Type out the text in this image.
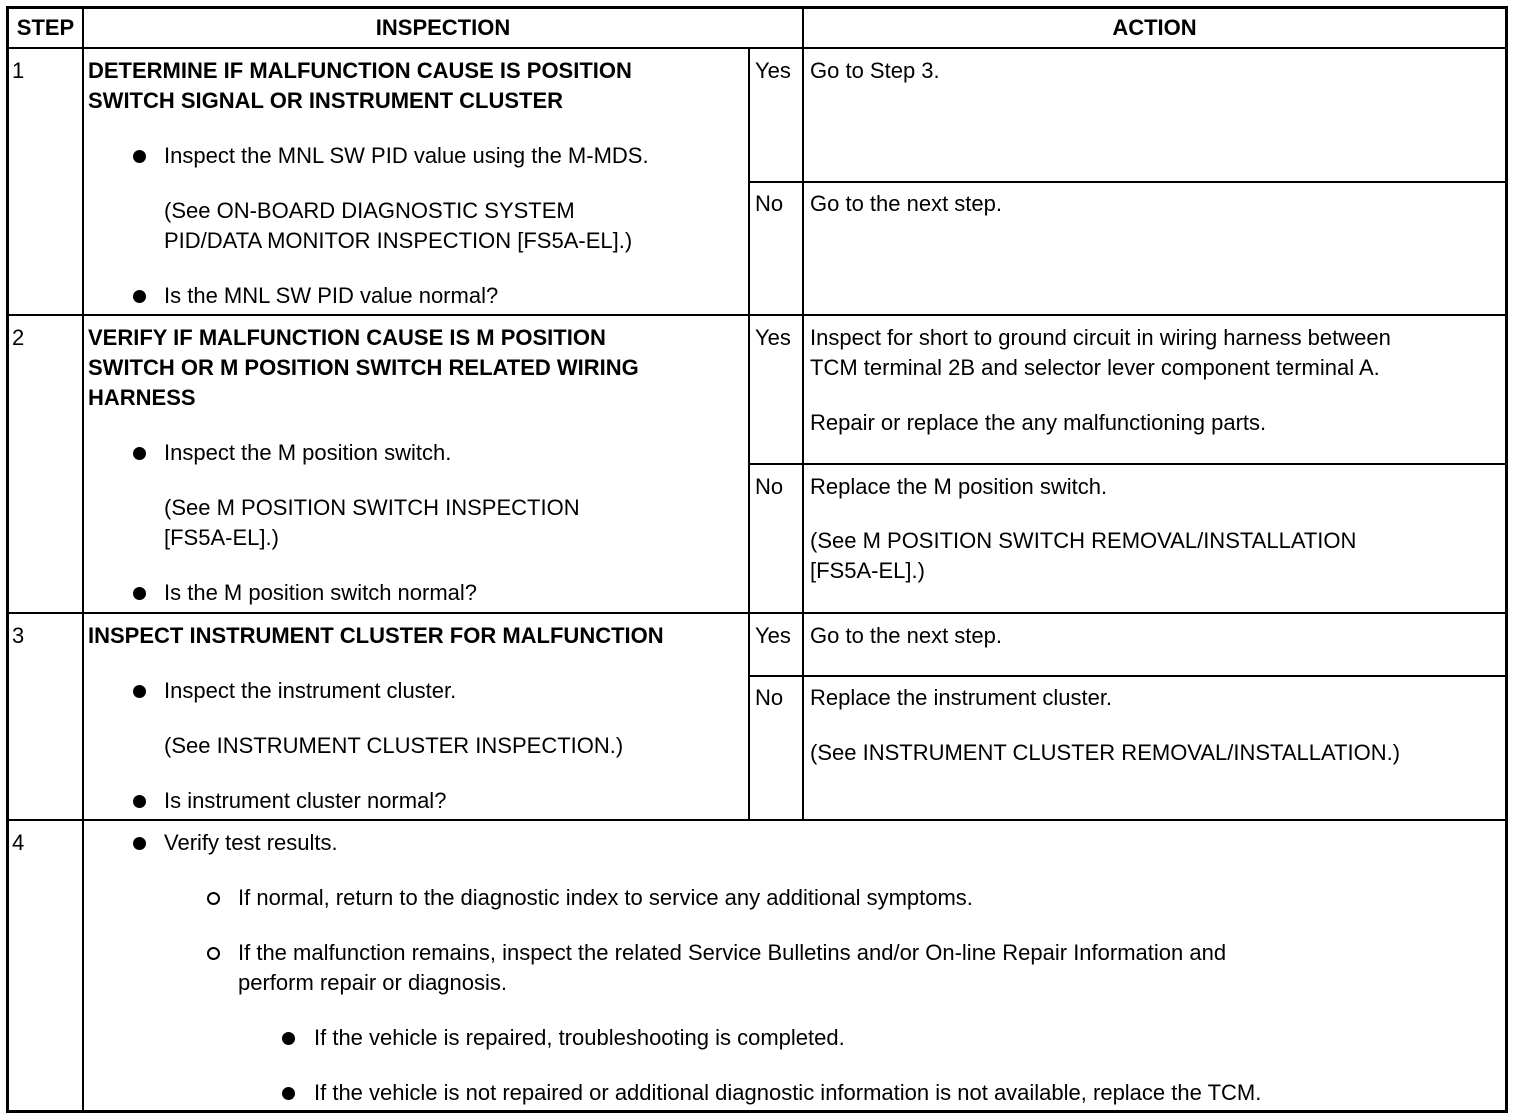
STEP	INSPECTION	ACTION
1	DETERMINE IF MALFUNCTION CAUSE IS POSITION
SWITCH SIGNAL OR INSTRUMENT CLUSTER
Inspect the MNL SW PID value using the M-MDS.
(See ON-BOARD DIAGNOSTIC SYSTEM
PID/DATA MONITOR INSPECTION [FS5A-EL].)
Is the MNL SW PID value normal?
Yes Go to Step 3.
No Go to the next step.
2	VERIFY IF MALFUNCTION CAUSE IS M POSITION
SWITCH OR M POSITION SWITCH RELATED WIRING
HARNESS
Inspect the M position switch.
(See M POSITION SWITCH INSPECTION
[FS5A-EL].)
Is the M position switch normal?
Yes Inspect for short to ground circuit in wiring harness between
TCM terminal 2B and selector lever component terminal A.
Repair or replace the any malfunctioning parts.
No Replace the M position switch.
(See M POSITION SWITCH REMOVAL/INSTALLATION
[FS5A-EL].)
3	INSPECT INSTRUMENT CLUSTER FOR MALFUNCTION
Inspect the instrument cluster.
(See INSTRUMENT CLUSTER INSPECTION.)
Is instrument cluster normal?
Yes Go to the next step.
No Replace the instrument cluster.
(See INSTRUMENT CLUSTER REMOVAL/INSTALLATION.)
4	Verify test results.
If normal, return to the diagnostic index to service any additional symptoms.
If the malfunction remains, inspect the related Service Bulletins and/or On-line Repair Information and
perform repair or diagnosis.
If the vehicle is repaired, troubleshooting is completed.
If the vehicle is not repaired or additional diagnostic information is not available, replace the TCM.
